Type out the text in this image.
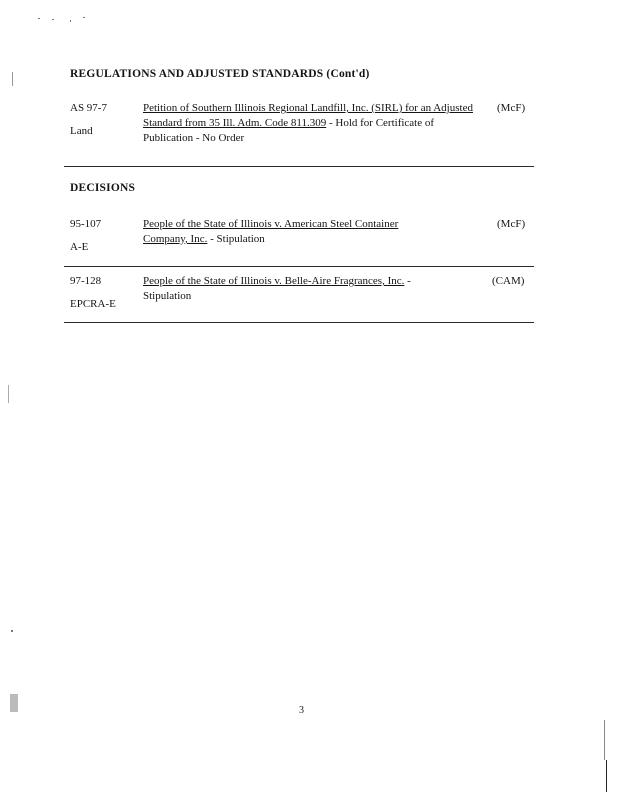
REGULATIONS AND ADJUSTED STANDARDS (Cont'd)
AS 97-7
Land
Petition of Southern Illinois Regional Landfill, Inc. (SIRL) for an Adjusted Standard from 35 Ill. Adm. Code 811.309 - Hold for Certificate of Publication - No Order
(McF)
DECISIONS
95-107
A-E
People of the State of Illinois v. American Steel Container Company, Inc. - Stipulation
(McF)
97-128
EPCRA-E
People of the State of Illinois v. Belle-Aire Fragrances, Inc. - Stipulation
(CAM)
3
